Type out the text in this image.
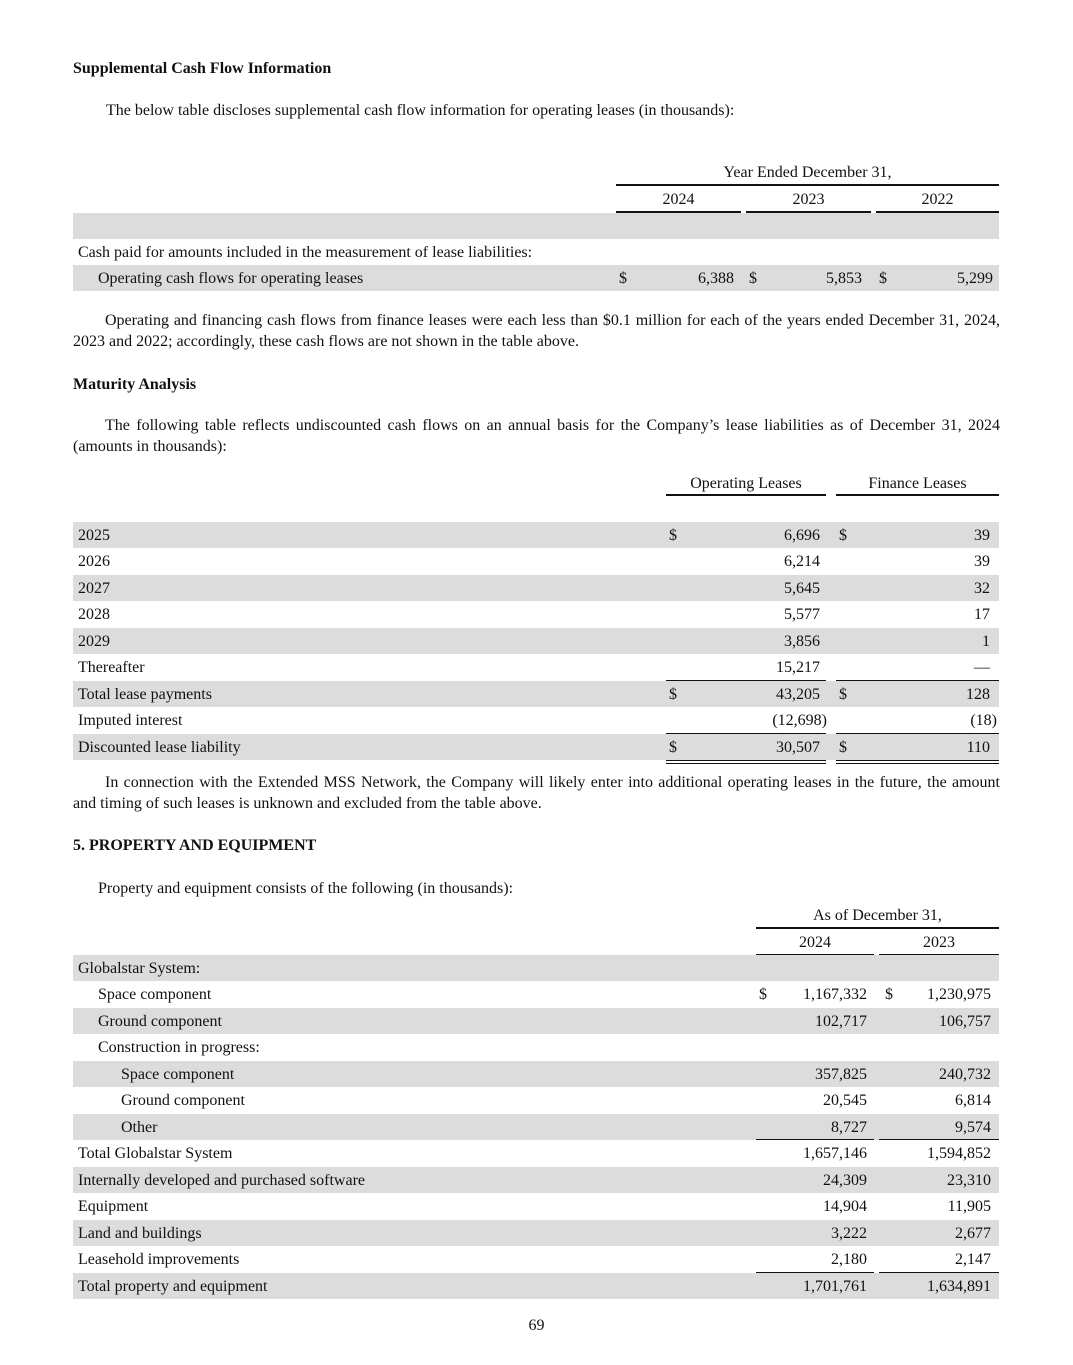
Supplemental Cash Flow Information
The below table discloses supplemental cash flow information for operating leases (in thousands):
Year Ended December 31,
2024	2023	2022
Cash paid for amounts included in the measurement of lease liabilities:
Operating cash flows for operating leases	$	6,388 $	5,853 $	5,299
Operating and financing cash flows from finance leases were each less than $0.1 million for each of the years ended December 31, 2024, 2023 and 2022; accordingly, these cash flows are not shown in the table above.
Maturity Analysis
The following table reflects undiscounted cash flows on an annual basis for the Company’s lease liabilities as of December 31, 2024 (amounts in thousands):
Operating Leases	Finance Leases
2025	$	6,696 $	39
2026	6,214	39
2027	5,645	32
2028	5,577	17
2029	3,856	1
Thereafter	15,217	—
Total lease payments	$	43,205 $	128
Imputed interest	(12,698)	(18)
Discounted lease liability	$	30,507 $	110
In connection with the Extended MSS Network, the Company will likely enter into additional operating leases in the future, the amount and timing of such leases is unknown and excluded from the table above.
5. PROPERTY AND EQUIPMENT
Property and equipment consists of the following (in thousands):
As of December 31,
2024	2023
Globalstar System:
Space component	$	1,167,332 $	1,230,975
Ground component	102,717	106,757
Construction in progress:
Space component	357,825	240,732
Ground component	20,545	6,814
Other	8,727	9,574
Total Globalstar System	1,657,146	1,594,852
Internally developed and purchased software	24,309	23,310
Equipment	14,904	11,905
Land and buildings	3,222	2,677
Leasehold improvements	2,180	2,147
Total property and equipment	1,701,761	1,634,891
69
